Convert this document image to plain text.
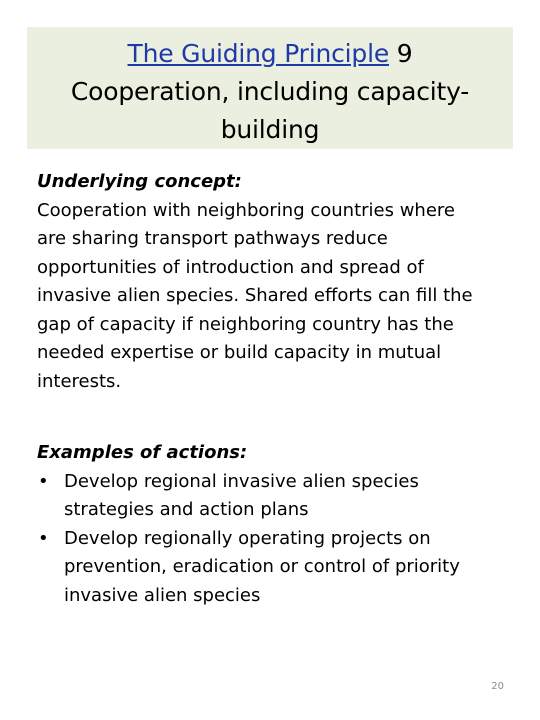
The Guiding Principle 9
Cooperation, including capacity-
building
Underlying concept:
Cooperation with neighboring countries where
are sharing transport pathways reduce
opportunities of introduction and spread of
invasive alien species. Shared efforts can fill the
gap of capacity if neighboring country has the
needed expertise or build capacity in mutual
interests.
Examples of actions:
• Develop regional invasive alien species
strategies and action plans
• Develop regionally operating projects on
prevention, eradication or control of priority
invasive alien species
20
